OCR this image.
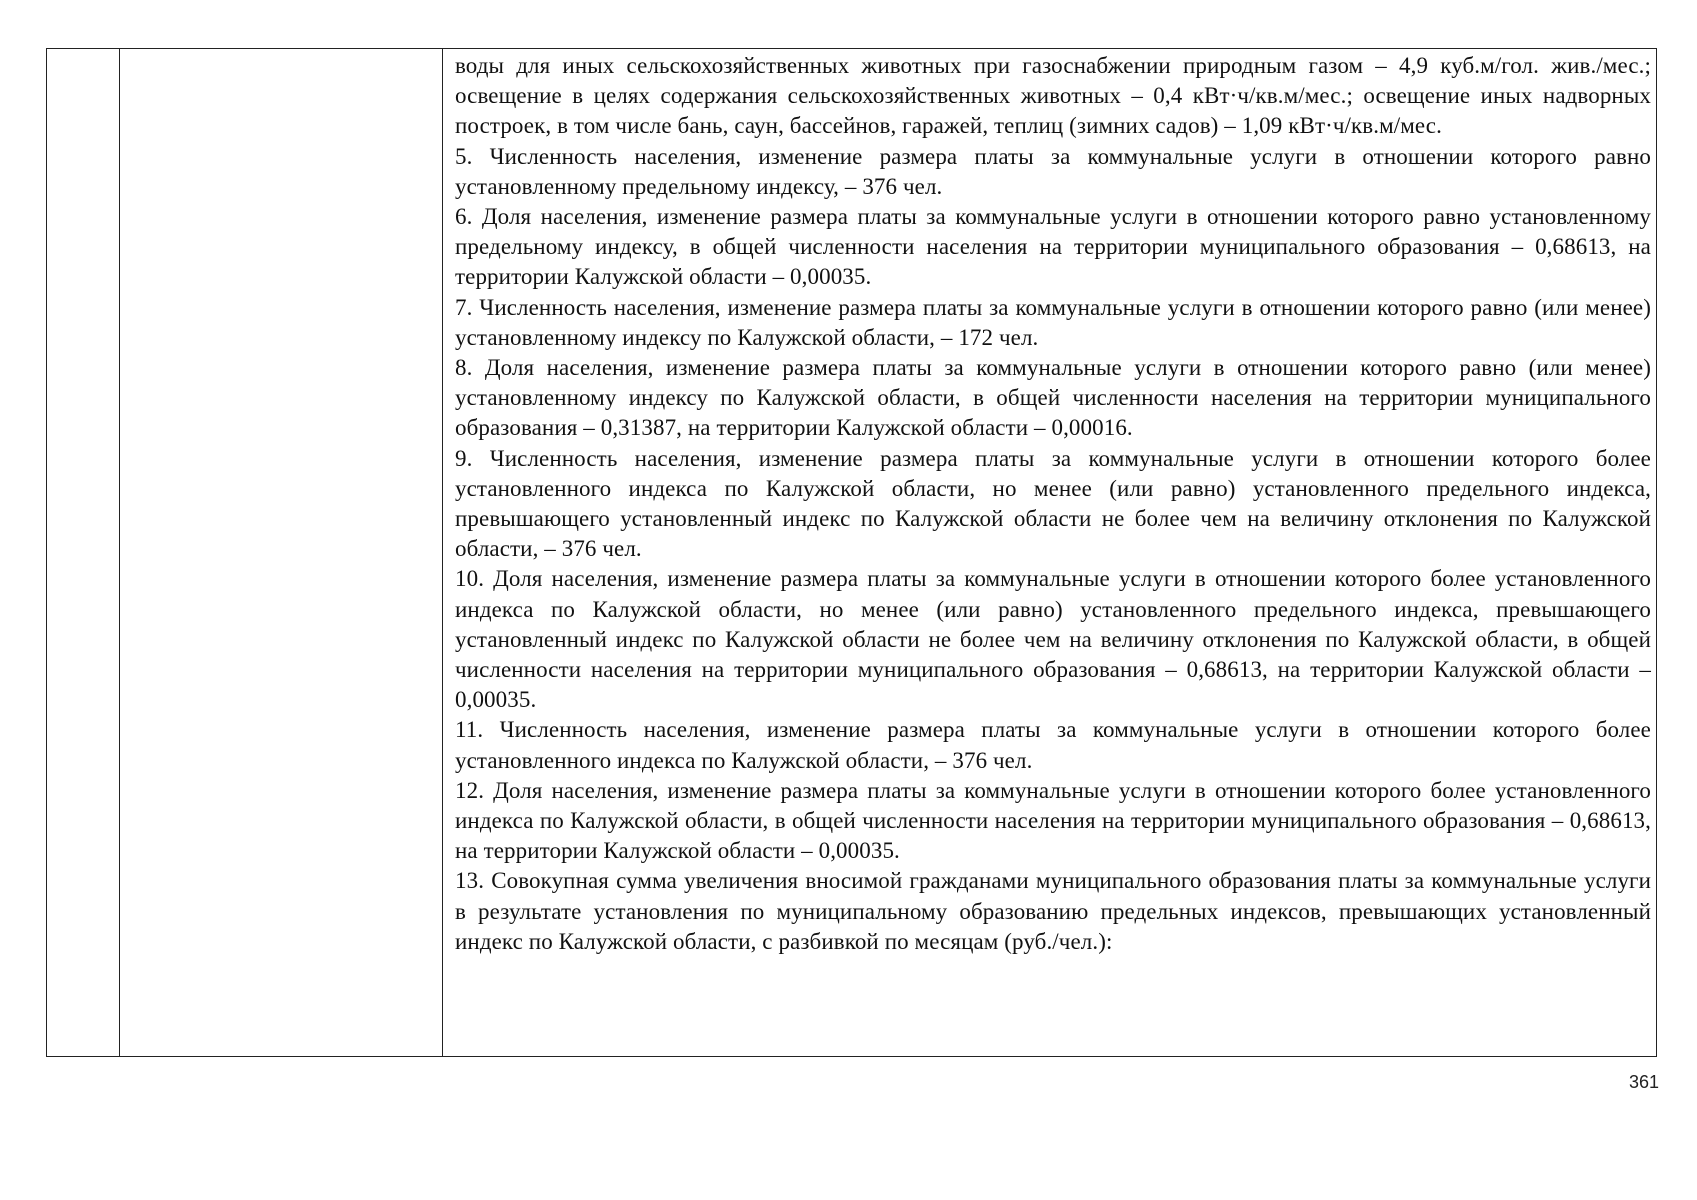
воды для иных сельскохозяйственных животных при газоснабжении природным газом – 4,9 куб.м/гол. жив./мес.; освещение в целях содержания сельскохозяйственных животных – 0,4 кВт·ч/кв.м/мес.; освещение иных надворных построек, в том числе бань, саун, бассейнов, гаражей, теплиц (зимних садов) – 1,09 кВт·ч/кв.м/мес.

5. Численность населения, изменение размера платы за коммунальные услуги в отношении которого равно установленному предельному индексу, – 376 чел.

6. Доля населения, изменение размера платы за коммунальные услуги в отношении которого равно установленному предельному индексу, в общей численности населения на территории муниципального образования – 0,68613, на территории Калужской области – 0,00035.

7. Численность населения, изменение размера платы за коммунальные услуги в отношении которого равно (или менее) установленному индексу по Калужской области, – 172 чел.

8. Доля населения, изменение размера платы за коммунальные услуги в отношении которого равно (или менее) установленному индексу по Калужской области, в общей численности населения на территории муниципального образования – 0,31387, на территории Калужской области – 0,00016.

9. Численность населения, изменение размера платы за коммунальные услуги в отношении которого более установленного индекса по Калужской области, но менее (или равно) установленного предельного индекса, превышающего установленный индекс по Калужской области не более чем на величину отклонения по Калужской области, – 376 чел.

10. Доля населения, изменение размера платы за коммунальные услуги в отношении которого более установленного индекса по Калужской области, но менее (или равно) установленного предельного индекса, превышающего установленный индекс по Калужской области не более чем на величину отклонения по Калужской области, в общей численности населения на территории муниципального образования – 0,68613, на территории Калужской области – 0,00035.

11. Численность населения, изменение размера платы за коммунальные услуги в отношении которого более установленного индекса по Калужской области, – 376 чел.

12. Доля населения, изменение размера платы за коммунальные услуги в отношении которого более установленного индекса по Калужской области, в общей численности населения на территории муниципального образования – 0,68613, на территории Калужской области – 0,00035.

13. Совокупная сумма увеличения вносимой гражданами муниципального образования платы за коммунальные услуги в результате установления по муниципальному образованию предельных индексов, превышающих установленный индекс по Калужской области, с разбивкой по месяцам (руб./чел.):

361
